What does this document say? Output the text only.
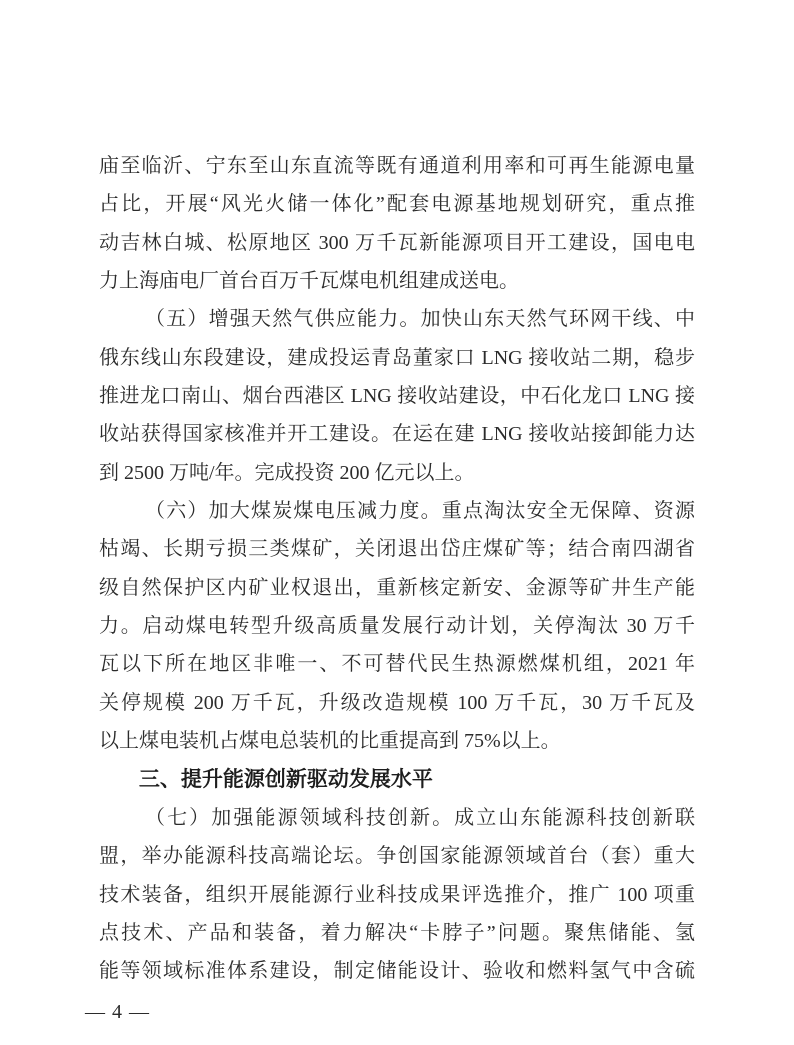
庙至临沂、宁东至山东直流等既有通道利用率和可再生能源电量
占比，开展“风光火储一体化”配套电源基地规划研究，重点推
动吉林白城、松原地区 300 万千瓦新能源项目开工建设，国电电
力上海庙电厂首台百万千瓦煤电机组建成送电。
（五）增强天然气供应能力。加快山东天然气环网干线、中
俄东线山东段建设，建成投运青岛董家口 LNG 接收站二期，稳步
推进龙口南山、烟台西港区 LNG 接收站建设，中石化龙口 LNG 接
收站获得国家核准并开工建设。在运在建 LNG 接收站接卸能力达
到 2500 万吨/年。完成投资 200 亿元以上。
（六）加大煤炭煤电压减力度。重点淘汰安全无保障、资源
枯竭、长期亏损三类煤矿，关闭退出岱庄煤矿等；结合南四湖省
级自然保护区内矿业权退出，重新核定新安、金源等矿井生产能
力。启动煤电转型升级高质量发展行动计划，关停淘汰 30 万千
瓦以下所在地区非唯一、不可替代民生热源燃煤机组，2021 年
关停规模 200 万千瓦，升级改造规模 100 万千瓦，30 万千瓦及
以上煤电装机占煤电总装机的比重提高到 75%以上。
三、提升能源创新驱动发展水平
（七）加强能源领域科技创新。成立山东能源科技创新联
盟，举办能源科技高端论坛。争创国家能源领域首台（套）重大
技术装备，组织开展能源行业科技成果评选推介，推广 100 项重
点技术、产品和装备，着力解决“卡脖子”问题。聚焦储能、氢
能等领域标准体系建设，制定储能设计、验收和燃料氢气中含硫
— 4 —
